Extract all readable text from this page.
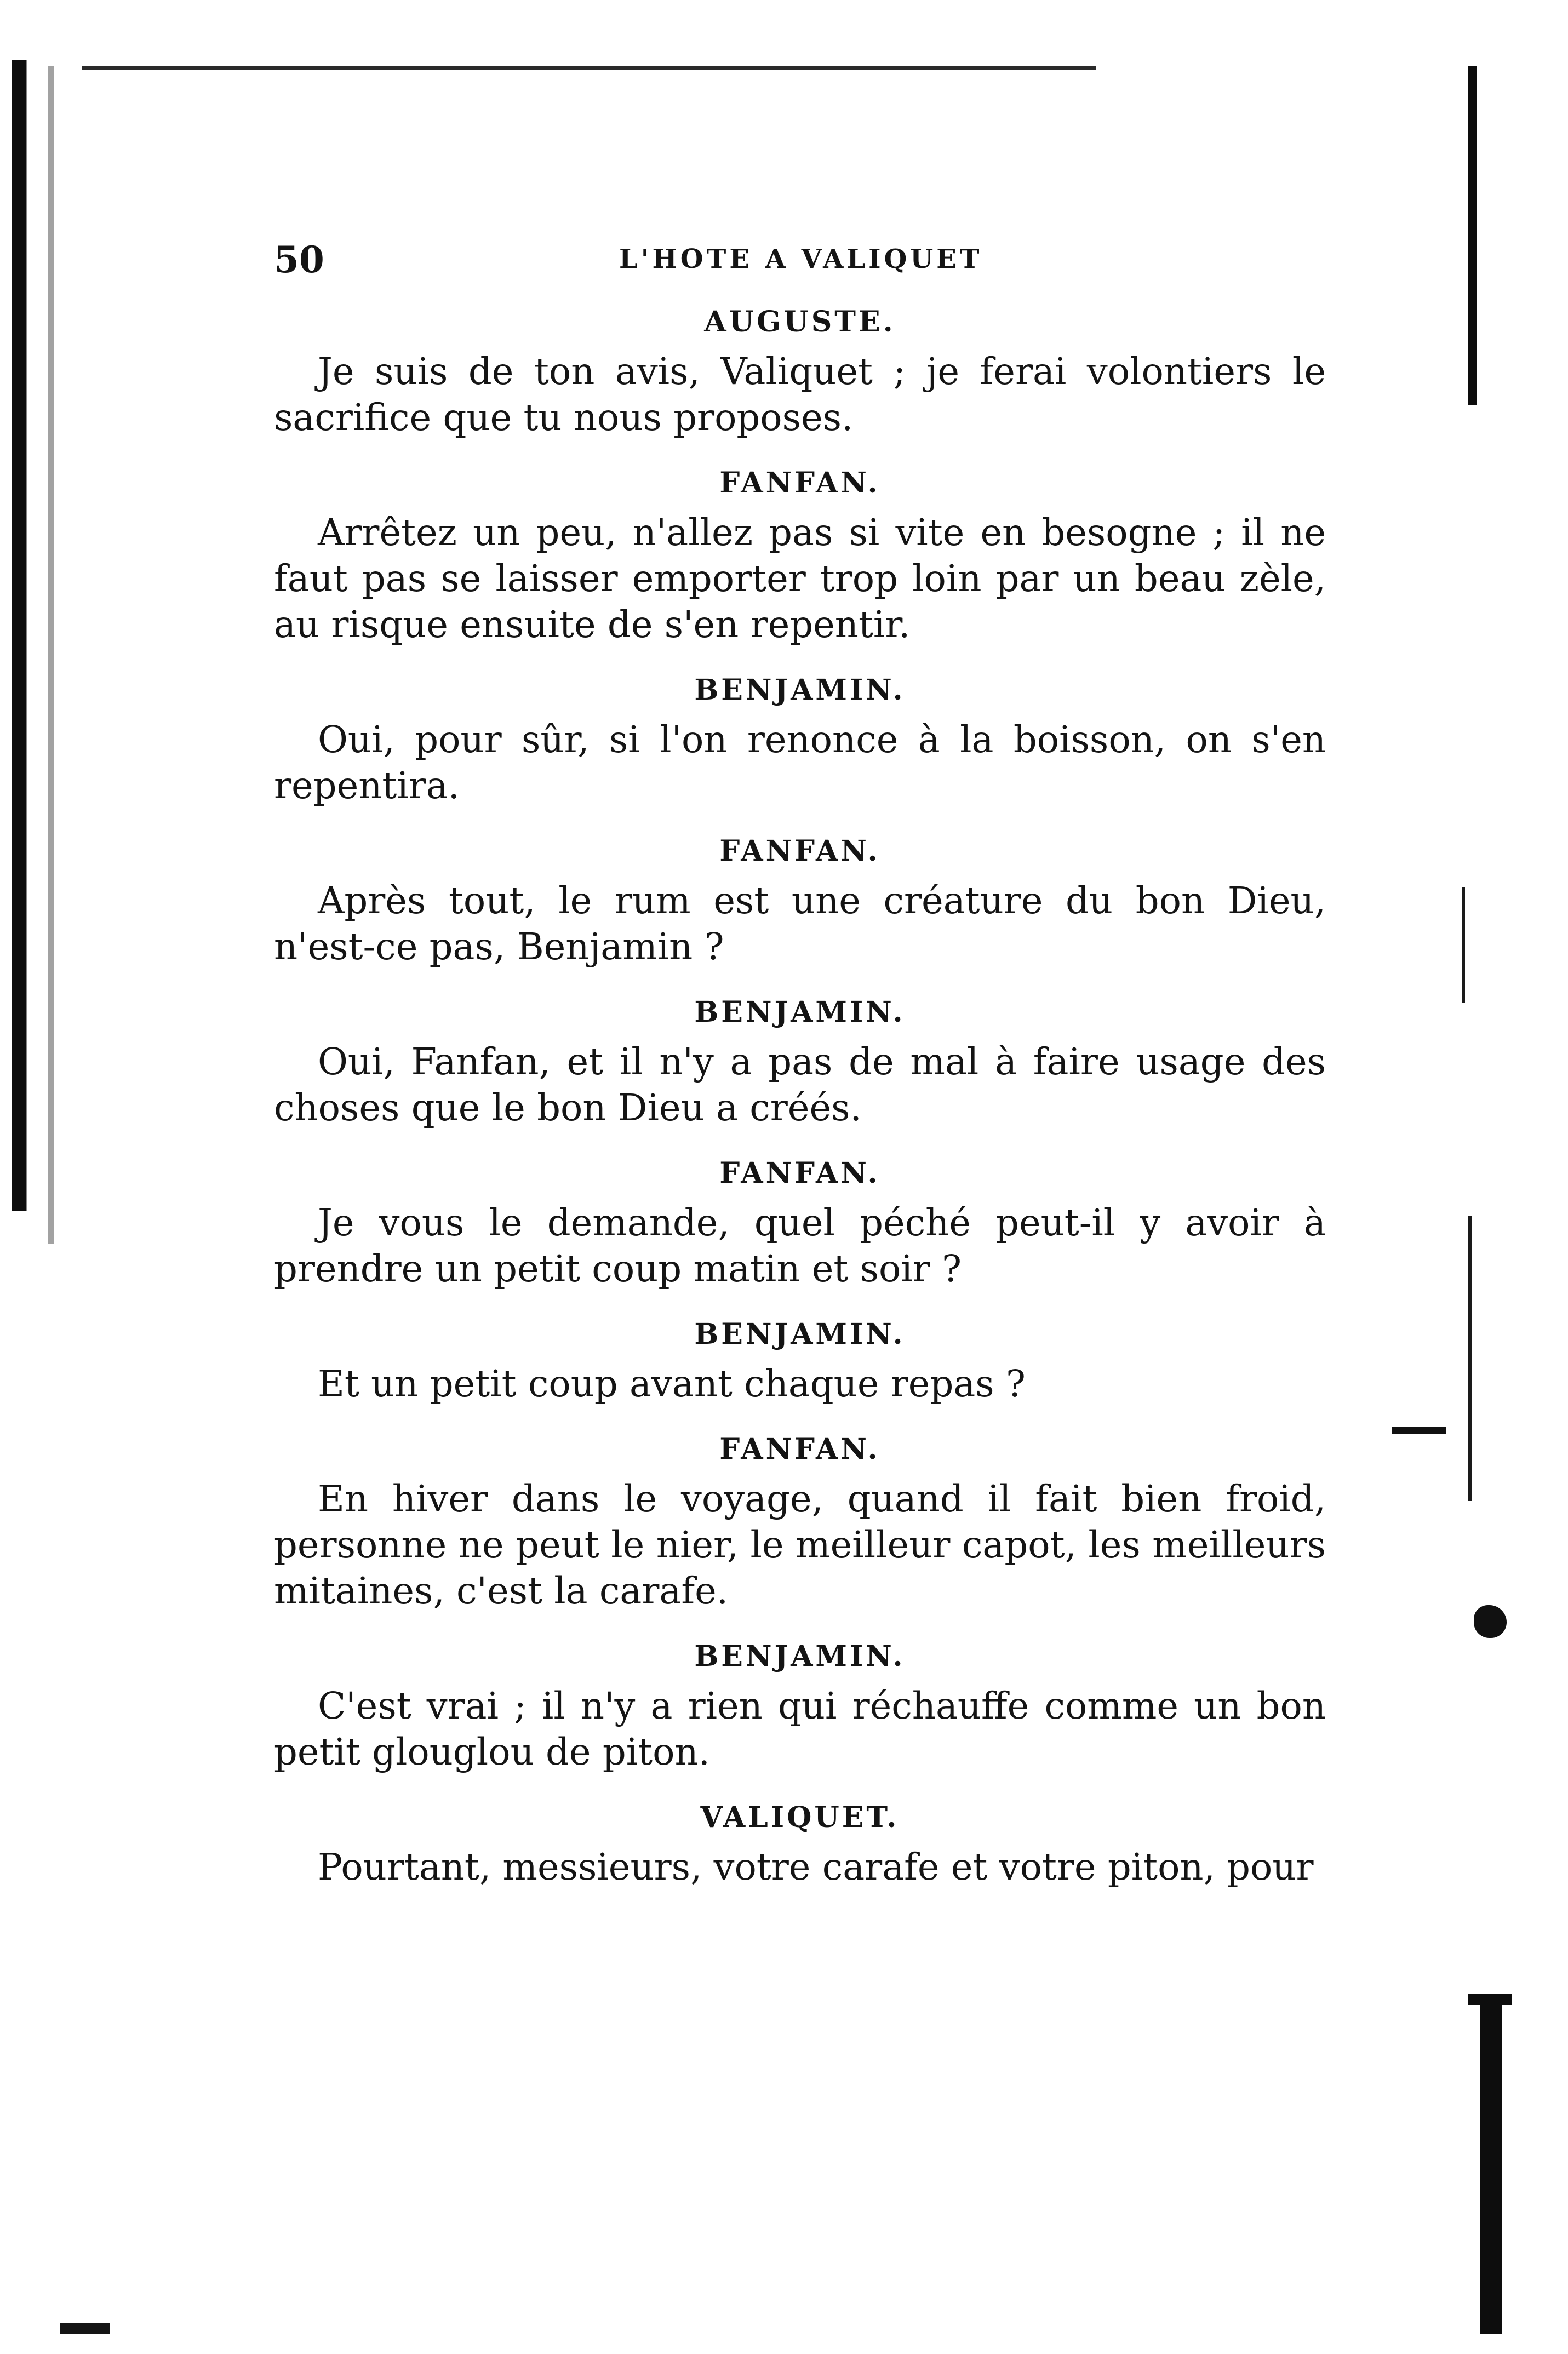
50	L'HOTE A VALIQUET
AUGUSTE.
Je suis de ton avis, Valiquet ; je ferai volontiers le sacrifice que tu nous proposes.
FANFAN.
Arrêtez un peu, n'allez pas si vite en besogne ; il ne faut pas se laisser emporter trop loin par un beau zèle, au risque ensuite de s'en repentir.
BENJAMIN.
Oui, pour sûr, si l'on renonce à la boisson, on s'en repentira.
FANFAN.
Après tout, le rum est une créature du bon Dieu, n'est-ce pas, Benjamin ?
BENJAMIN.
Oui, Fanfan, et il n'y a pas de mal à faire usage des choses que le bon Dieu a créés.
FANFAN.
Je vous le demande, quel péché peut-il y avoir à prendre un petit coup matin et soir ?
BENJAMIN.
Et un petit coup avant chaque repas ?
FANFAN.
En hiver dans le voyage, quand il fait bien froid, personne ne peut le nier, le meilleur capot, les meilleurs mitaines, c'est la carafe.
BENJAMIN.
C'est vrai ; il n'y a rien qui réchauffe comme un bon petit glouglou de piton.
VALIQUET.
Pourtant, messieurs, votre carafe et votre piton, pour
